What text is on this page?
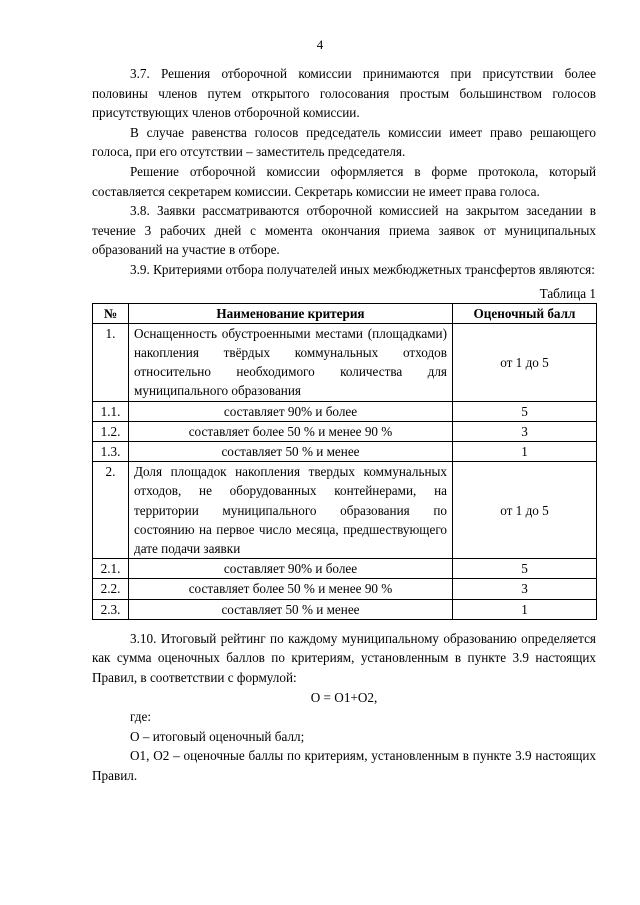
4

3.7. Решения отборочной комиссии принимаются при присутствии более половины членов путем открытого голосования простым большинством голосов присутствующих членов отборочной комиссии.

В случае равенства голосов председатель комиссии имеет право решающего голоса, при его отсутствии – заместитель председателя.

Решение отборочной комиссии оформляется в форме протокола, который составляется секретарем комиссии. Секретарь комиссии не имеет права голоса.

3.8. Заявки рассматриваются отборочной комиссией на закрытом заседании в течение 3 рабочих дней с момента окончания приема заявок от муниципальных образований на участие в отборе.

3.9. Критериями отбора получателей иных межбюджетных трансфертов являются:

Таблица 1
№	Наименование критерия	Оценочный балл
1.	Оснащенность обустроенными местами (площадками) накопления твёрдых коммунальных отходов относительно необходимого количества для муниципального образования	от 1 до 5
1.1.	составляет 90% и более	5
1.2.	составляет более 50 % и менее 90 %	3
1.3.	составляет 50 % и менее	1
2.	Доля площадок накопления твердых коммунальных отходов, не оборудованных контейнерами, на территории муниципального образования по состоянию на первое число месяца, предшествующего дате подачи заявки	от 1 до 5
2.1.	составляет 90% и более	5
2.2.	составляет более 50 % и менее 90 %	3
2.3.	составляет 50 % и менее	1

3.10. Итоговый рейтинг по каждому муниципальному образованию определяется как сумма оценочных баллов по критериям, установленным в пункте 3.9 настоящих Правил, в соответствии с формулой:

О = О1+О2,

где:

О – итоговый оценочный балл;

О1, О2 – оценочные баллы по критериям, установленным в пункте 3.9 настоящих Правил.
